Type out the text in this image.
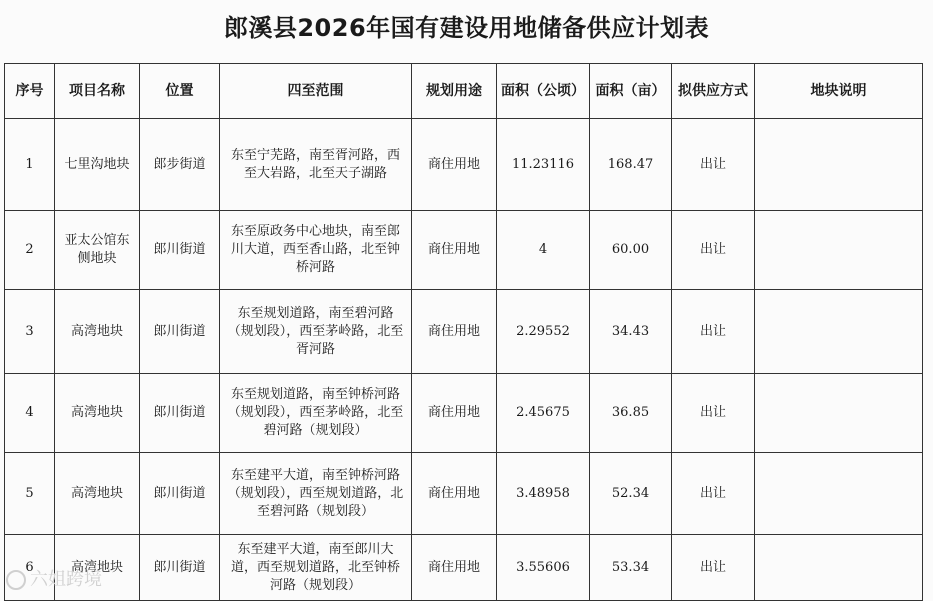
郎溪县2026年国有建设用地储备供应计划表
序号	项目名称	位置	四至范围	规划用途	面积（公顷）	面积（亩）	拟供应方式	地块说明
1	七里沟地块	郎步街道	东至宁芜路，南至胥河路，西至大岩路，北至天子湖路	商住用地	11.23116	168.47	出让	
2	亚太公馆东侧地块	郎川街道	东至原政务中心地块，南至郎川大道，西至香山路，北至钟桥河路	商住用地	4	60.00	出让	
3	高湾地块	郎川街道	东至规划道路，南至碧河路（规划段），西至茅岭路，北至胥河路	商住用地	2.29552	34.43	出让	
4	高湾地块	郎川街道	东至规划道路，南至钟桥河路（规划段），西至茅岭路，北至碧河路（规划段）	商住用地	2.45675	36.85	出让	
5	高湾地块	郎川街道	东至建平大道，南至钟桥河路（规划段），西至规划道路，北至碧河路（规划段）	商住用地	3.48958	52.34	出让	
6	高湾地块	郎川街道	东至建平大道，南至郎川大道，西至规划道路，北至钟桥河路（规划段）	商住用地	3.55606	53.34	出让	
六姐跨境
